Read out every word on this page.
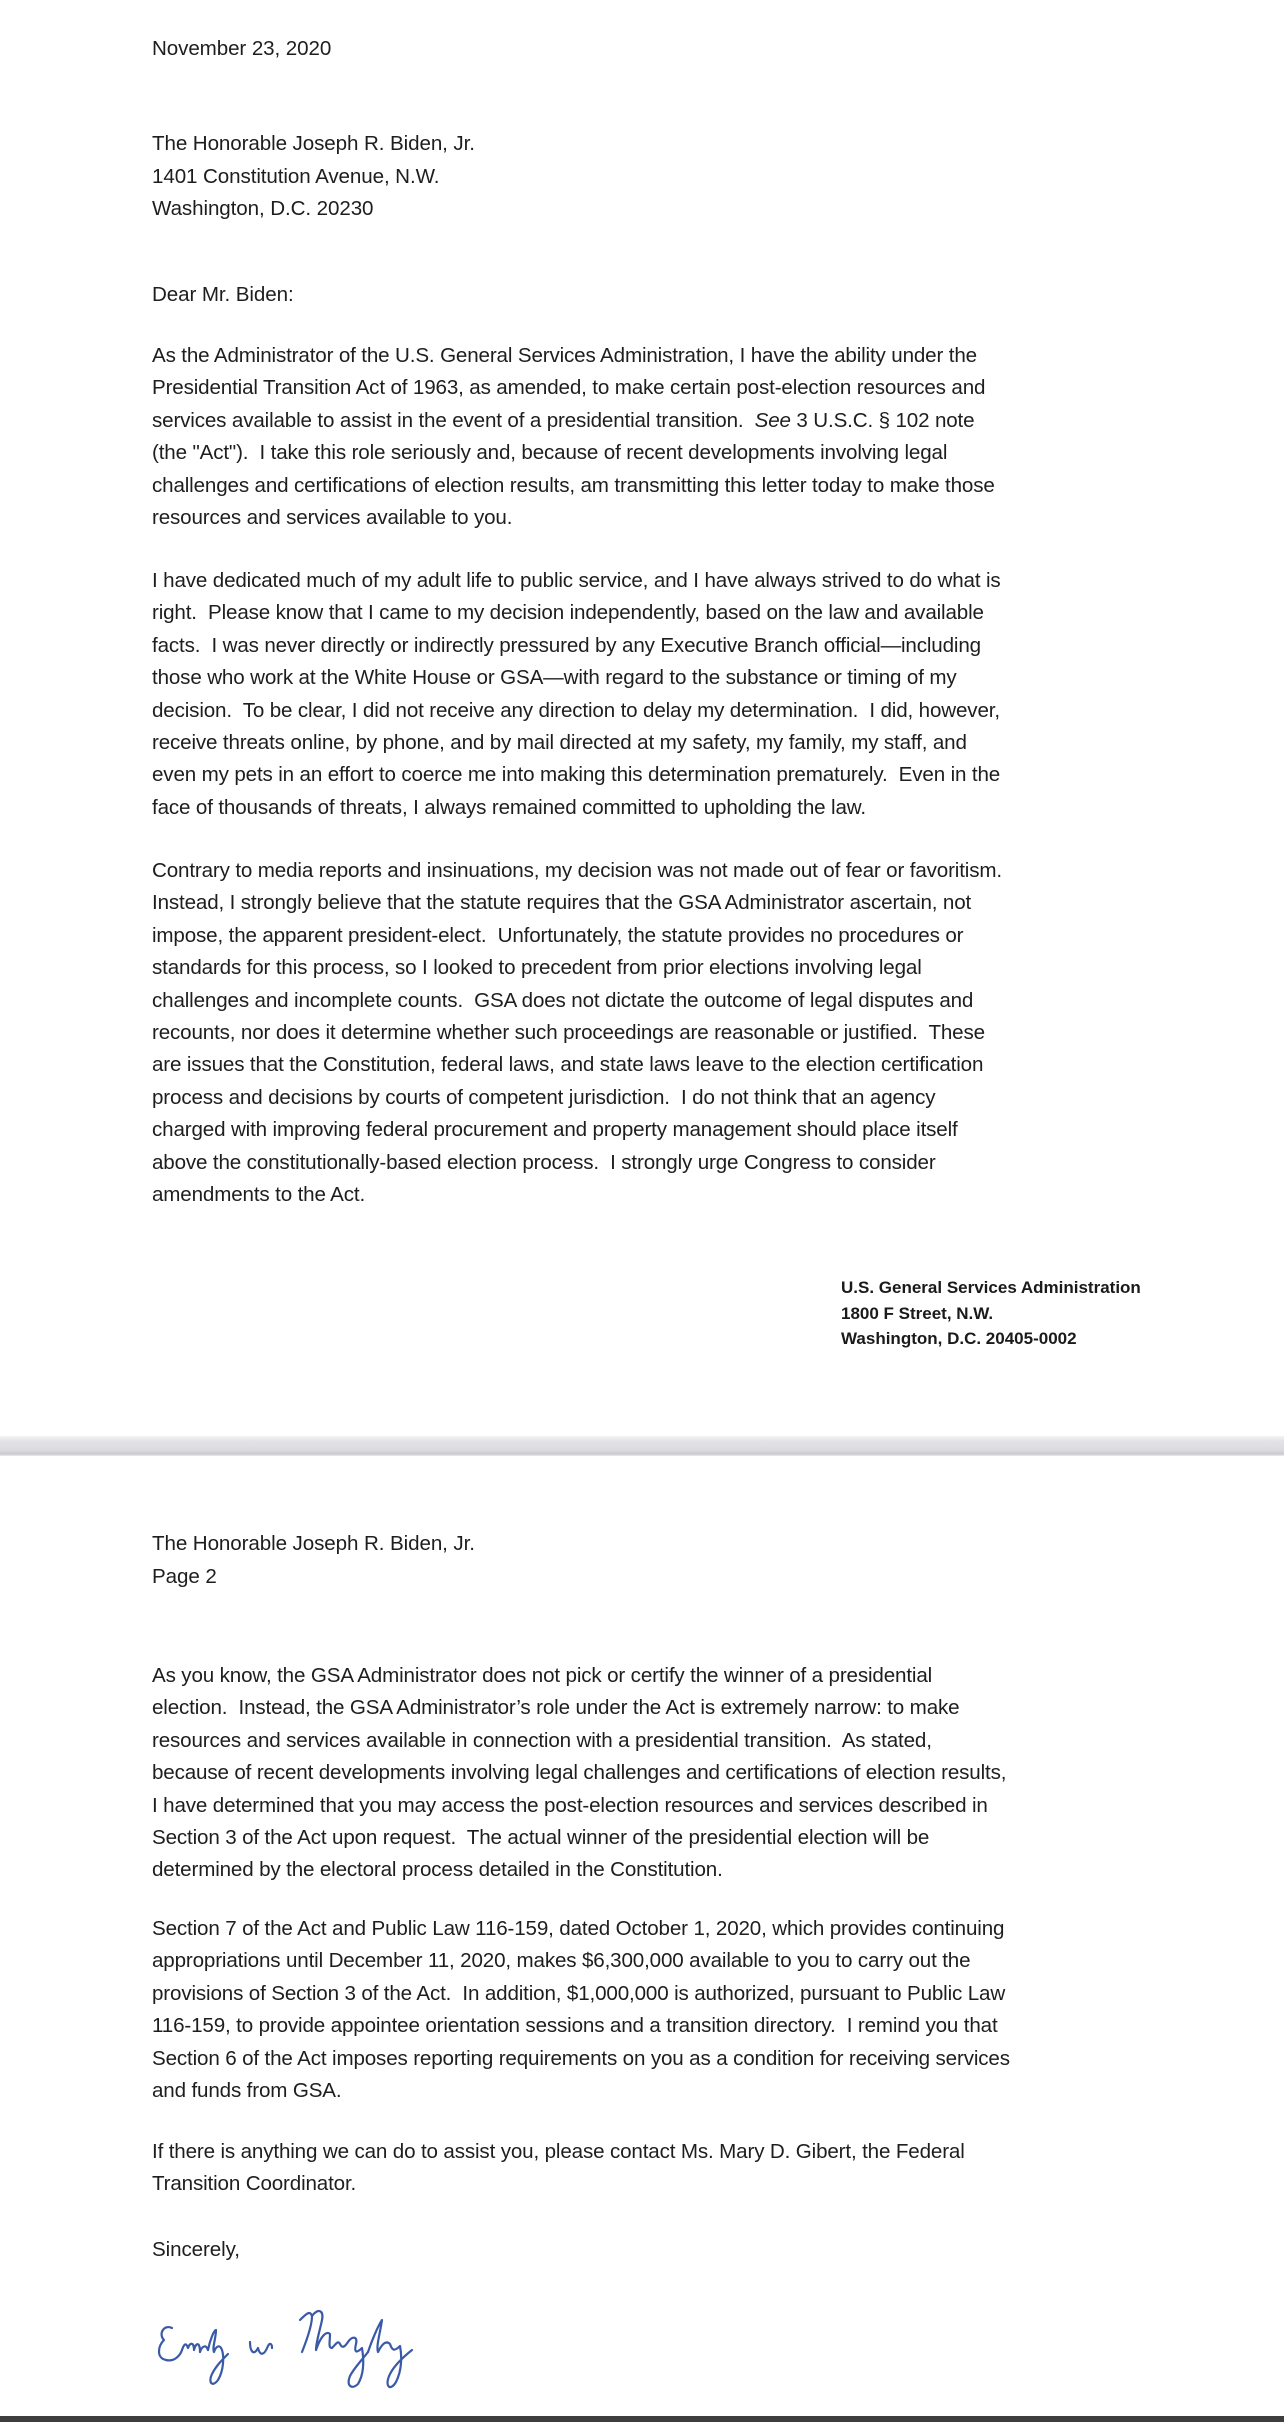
November 23, 2020

The Honorable Joseph R. Biden, Jr.

1401 Constitution Avenue, N.W.

Washington, D.C. 20230

Dear Mr. Biden:

As the Administrator of the U.S. General Services Administration, I have the ability under the
Presidential Transition Act of 1963, as amended, to make certain post-election resources and
services available to assist in the event of a presidential transition.  See 3 U.S.C. § 102 note
(the "Act").  I take this role seriously and, because of recent developments involving legal
challenges and certifications of election results, am transmitting this letter today to make those
resources and services available to you.
I have dedicated much of my adult life to public service, and I have always strived to do what is
right.  Please know that I came to my decision independently, based on the law and available
facts.  I was never directly or indirectly pressured by any Executive Branch official—including
those who work at the White House or GSA—with regard to the substance or timing of my
decision.  To be clear, I did not receive any direction to delay my determination.  I did, however,
receive threats online, by phone, and by mail directed at my safety, my family, my staff, and
even my pets in an effort to coerce me into making this determination prematurely.  Even in the
face of thousands of threats, I always remained committed to upholding the law.
Contrary to media reports and insinuations, my decision was not made out of fear or favoritism.
Instead, I strongly believe that the statute requires that the GSA Administrator ascertain, not
impose, the apparent president-elect.  Unfortunately, the statute provides no procedures or
standards for this process, so I looked to precedent from prior elections involving legal
challenges and incomplete counts.  GSA does not dictate the outcome of legal disputes and
recounts, nor does it determine whether such proceedings are reasonable or justified.  These
are issues that the Constitution, federal laws, and state laws leave to the election certification
process and decisions by courts of competent jurisdiction.  I do not think that an agency
charged with improving federal procurement and property management should place itself
above the constitutionally-based election process.  I strongly urge Congress to consider
amendments to the Act.
U.S. General Services Administration
1800 F Street, N.W.
Washington, D.C. 20405-0002

The Honorable Joseph R. Biden, Jr.

Page 2

As you know, the GSA Administrator does not pick or certify the winner of a presidential
election.  Instead, the GSA Administrator’s role under the Act is extremely narrow: to make
resources and services available in connection with a presidential transition.  As stated,
because of recent developments involving legal challenges and certifications of election results,
I have determined that you may access the post-election resources and services described in
Section 3 of the Act upon request.  The actual winner of the presidential election will be
determined by the electoral process detailed in the Constitution.
Section 7 of the Act and Public Law 116-159, dated October 1, 2020, which provides continuing
appropriations until December 11, 2020, makes $6,300,000 available to you to carry out the
provisions of Section 3 of the Act.  In addition, $1,000,000 is authorized, pursuant to Public Law
116-159, to provide appointee orientation sessions and a transition directory.  I remind you that
Section 6 of the Act imposes reporting requirements on you as a condition for receiving services
and funds from GSA.
If there is anything we can do to assist you, please contact Ms. Mary D. Gibert, the Federal
Transition Coordinator.

Sincerely,
